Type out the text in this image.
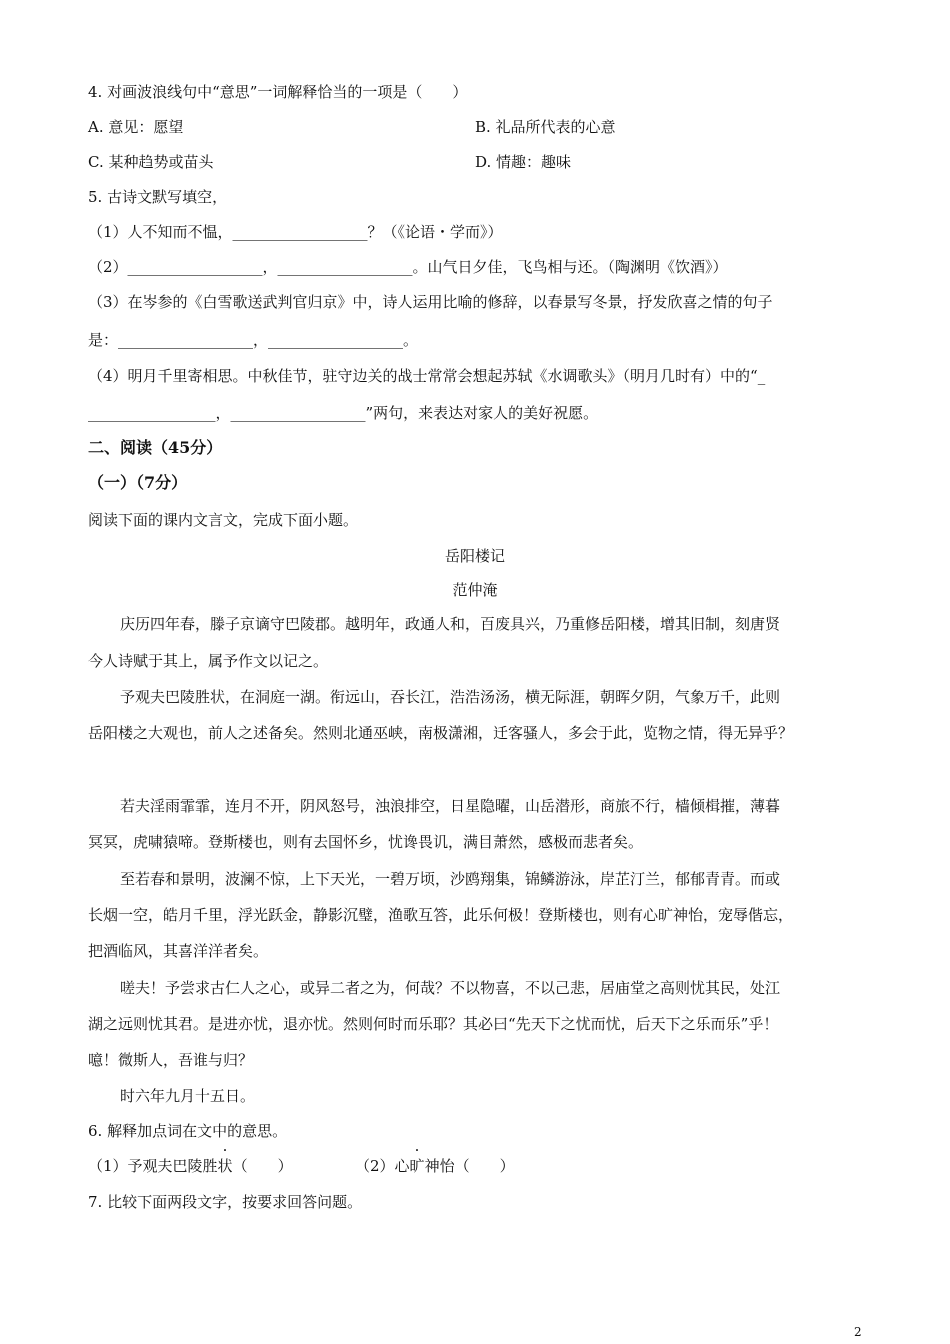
4. 对画波浪线句中“意思”一词解释恰当的一项是（　　）
A. 意见：愿望	B. 礼品所代表的心意
C. 某种趋势或苗头	D. 情趣：趣味
5. 古诗文默写填空，
（1）人不知而不愠，__________________？（《论语・学而》）
（2）__________________，__________________。山气日夕佳，飞鸟相与还。（陶渊明《饮酒》）
（3）在岑参的《白雪歌送武判官归京》中，诗人运用比喻的修辞，以春景写冬景，抒发欣喜之情的句子
是：__________________，__________________。
（4）明月千里寄相思。中秋佳节，驻守边关的战士常常会想起苏轼《水调歌头》（明月几时有）中的“_
_________________，__________________”两句，来表达对家人的美好祝愿。
二、阅读（45分）
（一）（7分）
阅读下面的课内文言文，完成下面小题。
岳阳楼记
范仲淹
庆历四年春，滕子京谪守巴陵郡。越明年，政通人和，百废具兴，乃重修岳阳楼，增其旧制，刻唐贤
今人诗赋于其上，属予作文以记之。
予观夫巴陵胜状，在洞庭一湖。衔远山，吞长江，浩浩汤汤，横无际涯，朝晖夕阴，气象万千，此则
岳阳楼之大观也，前人之述备矣。然则北通巫峡，南极潇湘，迁客骚人，多会于此，览物之情，得无异乎？
若夫淫雨霏霏，连月不开，阴风怒号，浊浪排空，日星隐曜，山岳潜形，商旅不行，樯倾楫摧，薄暮
冥冥，虎啸猿啼。登斯楼也，则有去国怀乡，忧谗畏讥，满目萧然，感极而悲者矣。
至若春和景明，波澜不惊，上下天光，一碧万顷，沙鸥翔集，锦鳞游泳，岸芷汀兰，郁郁青青。而或
长烟一空，皓月千里，浮光跃金，静影沉璧，渔歌互答，此乐何极！登斯楼也，则有心旷神怡，宠辱偕忘，
把酒临风，其喜洋洋者矣。
嗟夫！予尝求古仁人之心，或异二者之为，何哉？不以物喜，不以己悲，居庙堂之高则忧其民，处江
湖之远则忧其君。是进亦忧，退亦忧。然则何时而乐耶？其必曰“先天下之忧而忧，后天下之乐而乐”乎！
噫！微斯人，吾谁与归？
时六年九月十五日。
6. 解释加点词在文中的意思。
（1）予观夫巴陵胜状（　　）	（2）心旷神怡（　　）
7. 比较下面两段文字，按要求回答问题。
2
